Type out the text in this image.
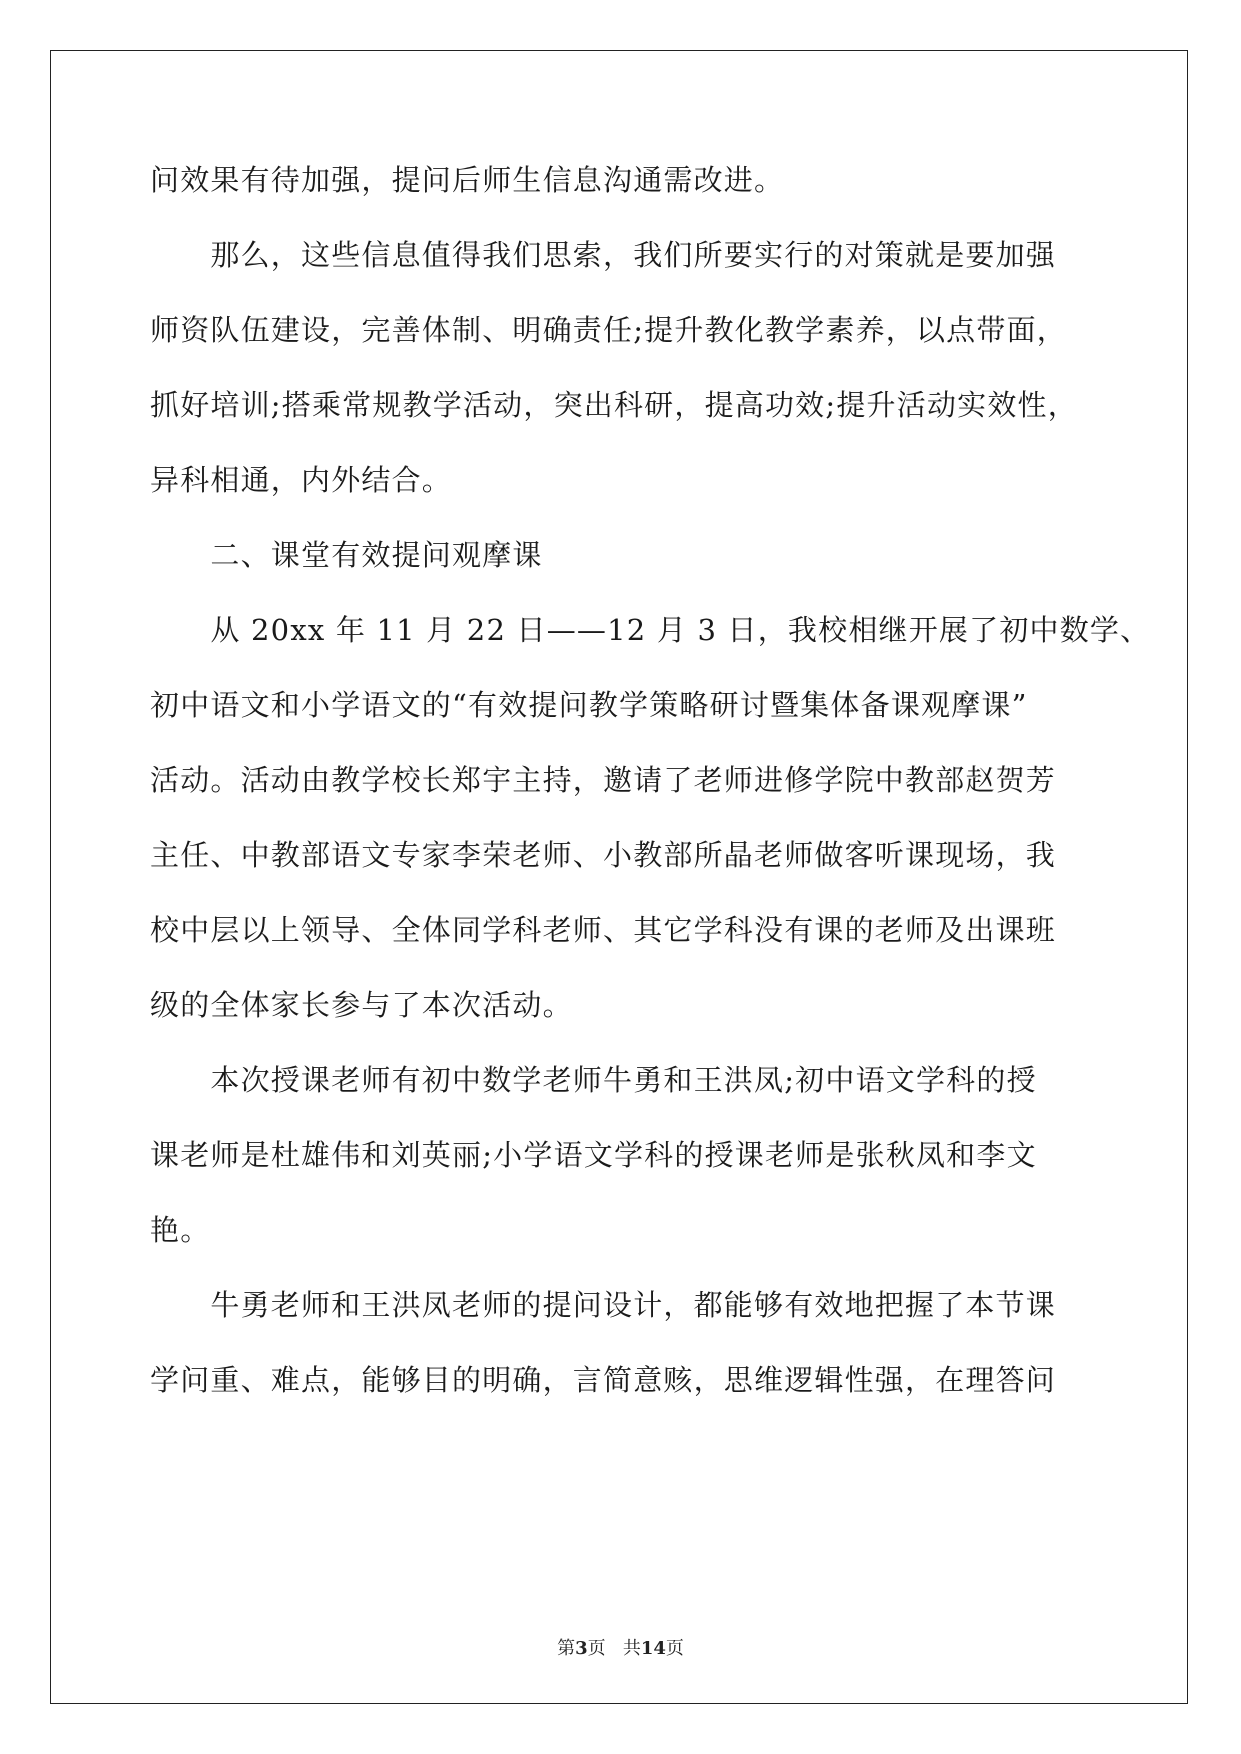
问效果有待加强，提问后师生信息沟通需改进。
　　那么，这些信息值得我们思索，我们所要实行的对策就是要加强
师资队伍建设，完善体制、明确责任;提升教化教学素养，以点带面，
抓好培训;搭乘常规教学活动，突出科研，提高功效;提升活动实效性，
异科相通，内外结合。
　　二、课堂有效提问观摩课
　　从 20xx 年 11 月 22 日——12 月 3 日，我校相继开展了初中数学、
初中语文和小学语文的“有效提问教学策略研讨暨集体备课观摩课”
活动。活动由教学校长郑宇主持，邀请了老师进修学院中教部赵贺芳
主任、中教部语文专家李荣老师、小教部所晶老师做客听课现场，我
校中层以上领导、全体同学科老师、其它学科没有课的老师及出课班
级的全体家长参与了本次活动。
　　本次授课老师有初中数学老师牛勇和王洪凤;初中语文学科的授
课老师是杜雄伟和刘英丽;小学语文学科的授课老师是张秋凤和李文
艳。
　　牛勇老师和王洪凤老师的提问设计，都能够有效地把握了本节课
学问重、难点，能够目的明确，言简意赅，思维逻辑性强，在理答问
第3页 共14页
